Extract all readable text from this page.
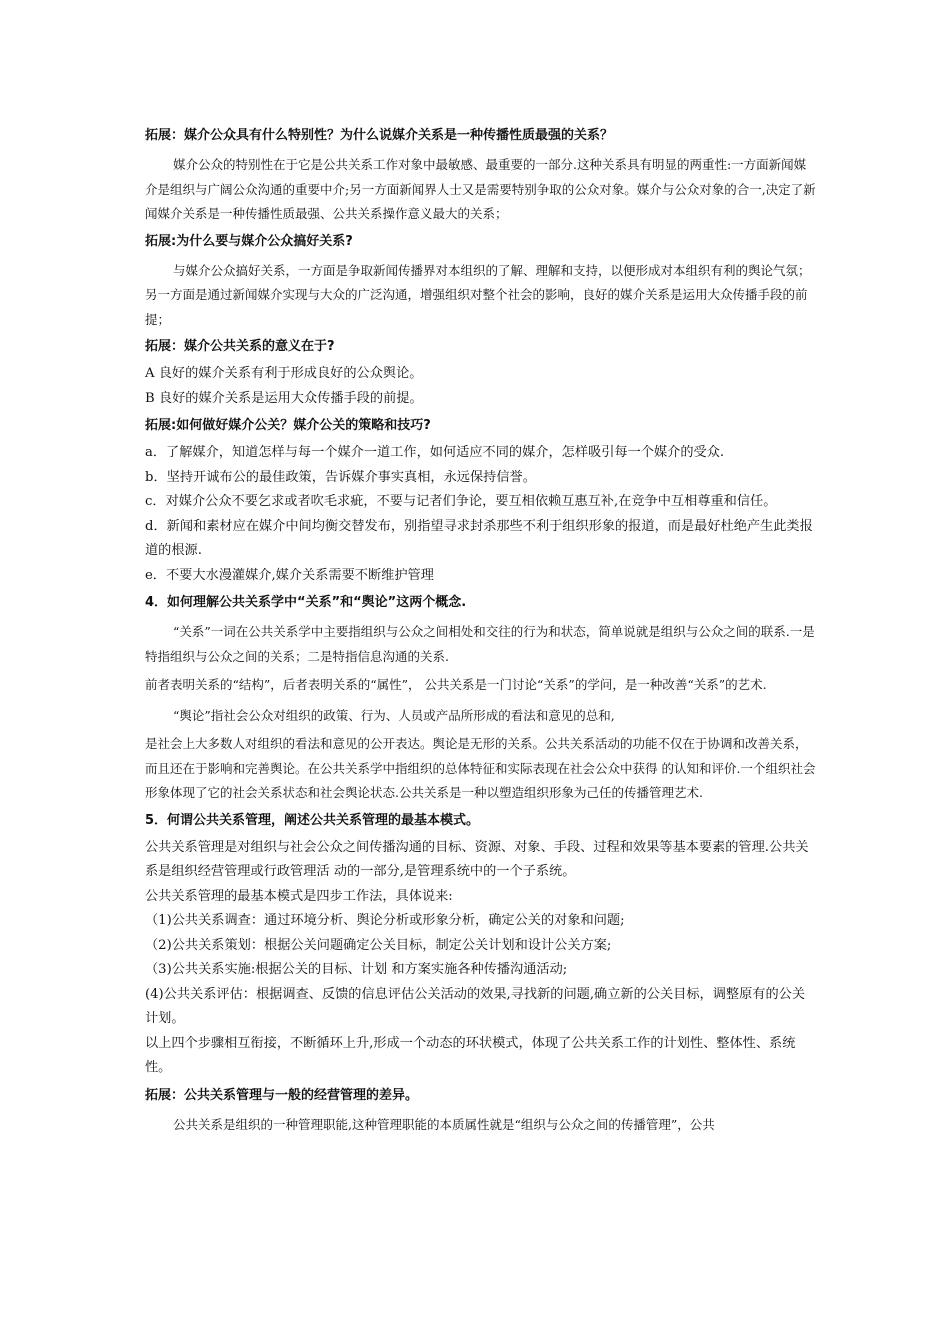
拓展：媒介公众具有什么特别性？为什么说媒介关系是一种传播性质最强的关系？

媒介公众的特别性在于它是公共关系工作对象中最敏感、最重要的一部分.这种关系具有明显的两重性:一方面新闻媒介是组织与广阔公众沟通的重要中介;另一方面新闻界人士又是需要特别争取的公众对象。媒介与公众对象的合一,决定了新闻媒介关系是一种传播性质最强、公共关系操作意义最大的关系；

拓展:为什么要与媒介公众搞好关系?

与媒介公众搞好关系，一方面是争取新闻传播界对本组织的了解、理解和支持，以便形成对本组织有利的舆论气氛；另一方面是通过新闻媒介实现与大众的广泛沟通，增强组织对整个社会的影响，良好的媒介关系是运用大众传播手段的前提；

拓展：媒介公共关系的意义在于?

A 良好的媒介关系有利于形成良好的公众舆论。

B 良好的媒介关系是运用大众传播手段的前提。

拓展:如何做好媒介公关？媒介公关的策略和技巧?

a．了解媒介，知道怎样与每一个媒介一道工作，如何适应不同的媒介，怎样吸引每一个媒介的受众.

b．坚持开诚布公的最佳政策，告诉媒介事实真相，永远保持信誉。

c．对媒介公众不要乞求或者吹毛求疵，不要与记者们争论，要互相依赖互惠互补,在竞争中互相尊重和信任。

d．新闻和素材应在媒介中间均衡交替发布，别指望寻求封杀那些不利于组织形象的报道，而是最好杜绝产生此类报道的根源.

e．不要大水漫灌媒介,媒介关系需要不断维护管理

4．如何理解公共关系学中“关系”和“舆论”这两个概念.

“关系”一词在公共关系学中主要指组织与公众之间相处和交往的行为和状态，简单说就是组织与公众之间的联系.一是特指组织与公众之间的关系；二是特指信息沟通的关系.

前者表明关系的“结构”，后者表明关系的“属性”， 公共关系是一门讨论“关系”的学问，是一种改善“关系”的艺术.

“舆论”指社会公众对组织的政策、行为、人员或产品所形成的看法和意见的总和,

是社会上大多数人对组织的看法和意见的公开表达。舆论是无形的关系。公共关系活动的功能不仅在于协调和改善关系，而且还在于影响和完善舆论。在公共关系学中指组织的总体特征和实际表现在社会公众中获得 的认知和评价.一个组织社会形象体现了它的社会关系状态和社会舆论状态.公共关系是一种以塑造组织形象为己任的传播管理艺术.

5．何谓公共关系管理，阐述公共关系管理的最基本模式。

公共关系管理是对组织与社会公众之间传播沟通的目标、资源、对象、手段、过程和效果等基本要素的管理.公共关系是组织经营管理或行政管理活 动的一部分,是管理系统中的一个子系统。

公共关系管理的最基本模式是四步工作法，具体说来:

（1)公共关系调查：通过环境分析、舆论分析或形象分析，确定公关的对象和问题;

（2)公共关系策划：根据公关问题确定公关目标，制定公关计划和设计公关方案;

（3)公共关系实施:根据公关的目标、计划 和方案实施各种传播沟通活动;

(4)公共关系评估：根据调查、反馈的信息评估公关活动的效果,寻找新的问题,确立新的公关目标，调整原有的公关计划。

以上四个步骤相互衔接，不断循环上升,形成一个动态的环状模式，体现了公共关系工作的计划性、整体性、系统性。

拓展：公共关系管理与一般的经营管理的差异。

公共关系是组织的一种管理职能,这种管理职能的本质属性就是“组织与公众之间的传播管理”，公共
